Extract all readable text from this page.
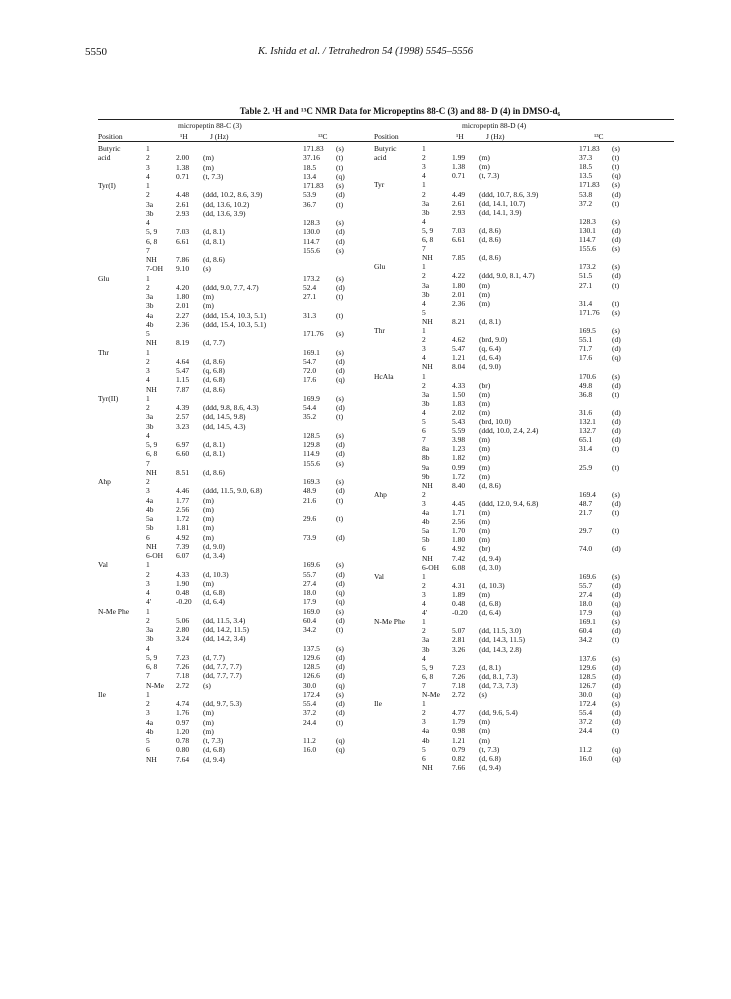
5550	K. Ishida et al. / Tetrahedron 54 (1998) 5545–5556
Table 2. ¹H and ¹³C NMR Data for Micropeptins 88-C (3) and 88- D (4) in DMSO-d₆
micropeptin 88-C (3)
Position	¹H	J (Hz)	¹³C
Butyric	1	171.83 (s)
acid	2	2.00 (m)	37.16 (t)
3	1.38 (m)	18.5	(t)
4	0.71 (t, 7.3)	13.4	(q)
Tyr(I)	1	171.83 (s)
2	4.48 (ddd, 10.2, 8.6, 3.9)	53.9	(d)
3a	2.61 (dd, 13.6, 10.2)	36.7	(t)
3b	2.93 (dd, 13.6, 3.9)
4	128.3 (s)
5, 9	7.03 (d, 8.1)	130.0 (d)
6, 8	6.61 (d, 8.1)	114.7 (d)
7	155.6 (s)
NH	7.86 (d, 8.6)
7-OH 9.10 (s)
Glu	1	173.2 (s)
2	4.20 (ddd, 9.0, 7.7, 4.7)	52.4	(d)
3a	1.80 (m)	27.1	(t)
3b	2.01 (m)
4a	2.27 (ddd, 15.4, 10.3, 5.1)	31.3	(t)
4b	2.36 (ddd, 15.4, 10.3, 5.1)
5	171.76 (s)
NH	8.19 (d, 7.7)
Thr	1	169.1 (s)
2	4.64 (d, 8.6)	54.7	(d)
3	5.47 (q, 6.8)	72.0	(d)
4	1.15 (d, 6.8)	17.6	(q)
NH	7.87 (d, 8.6)
Tyr(II)	1	169.9 (s)
2	4.39 (ddd, 9.8, 8.6, 4.3)	54.4	(d)
3a	2.57 (dd, 14.5, 9.8)	35.2	(t)
3b	3.23 (dd, 14.5, 4.3)
4	128.5 (s)
5, 9	6.97 (d, 8.1)	129.8 (d)
6, 8	6.60 (d, 8.1)	114.9 (d)
7	155.6 (s)
NH	8.51 (d, 8.6)
Ahp	2	169.3 (s)
3	4.46 (ddd, 11.5, 9.0, 6.8)	48.9	(d)
4a	1.77 (m)	21.6	(t)
4b	2.56 (m)
5a	1.72 (m)	29.6	(t)
5b	1.81 (m)
6	4.92 (m)	73.9	(d)
NH	7.39 (d, 9.0)
6-OH 6.07 (d, 3.4)
Val	1	169.6 (s)
2	4.33 (d, 10.3)	55.7	(d)
3	1.90 (m)	27.4	(d)
4	0.48 (d, 6.8)	18.0	(q)
4'	-0.20 (d, 6.4)	17.9	(q)
N-Me Phe 1	169.0 (s)
2	5.06 (dd, 11.5, 3.4)	60.4	(d)
3a	2.80 (dd, 14.2, 11.5)	34.2	(t)
3b	3.24 (dd, 14.2, 3.4)
4	137.5 (s)
5, 9	7.23 (d, 7.7)	129.6 (d)
6, 8	7.26 (dd, 7.7, 7.7)	128.5 (d)
7	7.18 (dd, 7.7, 7.7)	126.6 (d)
N-Me 2.72 (s)	30.0	(q)
Ile	1	172.4 (s)
2	4.74 (dd, 9.7, 5.3)	55.4	(d)
3	1.76 (m)	37.2	(d)
4a	0.97 (m)	24.4	(t)
4b	1.20 (m)
5	0.78 (t, 7.3)	11.2	(q)
6	0.80 (d, 6.8)	16.0	(q)
NH	7.64 (d, 9.4)
micropeptin 88-D (4)
Position	¹H	J (Hz)	¹³C
Butyric	1	171.83 (s)
acid	2	1.99 (m)	37.3	(t)
3	1.38 (m)	18.5	(t)
4	0.71 (t, 7.3)	13.5	(q)
Tyr	1	171.83 (s)
2	4.49 (ddd, 10.7, 8.6, 3.9)	53.8	(d)
3a	2.61 (dd, 14.1, 10.7)	37.2	(t)
3b	2.93 (dd, 14.1, 3.9)
4	128.3 (s)
5, 9	7.03 (d, 8.6)	130.1 (d)
6, 8	6.61 (d, 8.6)	114.7 (d)
7	155.6 (s)
NH	7.85 (d, 8.6)
Glu	1	173.2 (s)
2	4.22 (ddd, 9.0, 8.1, 4.7)	51.5	(d)
3a	1.80 (m)	27.1	(t)
3b	2.01 (m)
4	2.36 (m)	31.4	(t)
5	171.76 (s)
NH	8.21 (d, 8.1)
Thr	1	169.5 (s)
2	4.62 (brd, 9.0)	55.1	(d)
3	5.47 (q, 6.4)	71.7	(d)
4	1.21 (d, 6.4)	17.6	(q)
NH	8.04 (d, 9.0)
HcAla	1	170.6 (s)
2	4.33 (br)	49.8	(d)
3a	1.50 (m)	36.8	(t)
3b	1.83 (m)
4	2.02 (m)	31.6	(d)
5	5.43 (brd, 10.0)	132.1 (d)
6	5.59 (ddd, 10.0, 2.4, 2.4)	132.7 (d)
7	3.98 (m)	65.1	(d)
8a	1.23 (m)	31.4	(t)
8b	1.82 (m)
9a	0.99 (m)	25.9	(t)
9b	1.72 (m)
NH	8.40 (d, 8.6)
Ahp	2	169.4 (s)
3	4.45 (ddd, 12.0, 9.4, 6.8)	48.7	(d)
4a	1.71 (m)	21.7	(t)
4b	2.56 (m)
5a	1.70 (m)	29.7	(t)
5b	1.80 (m)
6	4.92 (br)	74.0	(d)
NH	7.42 (d, 9.4)
6-OH 6.08 (d, 3.0)
Val	1	169.6 (s)
2	4.31 (d, 10.3)	55.7	(d)
3	1.89 (m)	27.4	(d)
4	0.48 (d, 6.8)	18.0	(q)
4'	-0.20 (d, 6.4)	17.9	(q)
N-Me Phe 1	169.1 (s)
2	5.07 (dd, 11.5, 3.0)	60.4	(d)
3a	2.81 (dd, 14.3, 11.5)	34.2	(t)
3b	3.26 (dd, 14.3, 2.8)
4	137.6 (s)
5, 9	7.23 (d, 8.1)	129.6 (d)
6, 8	7.26 (dd, 8.1, 7.3)	128.5 (d)
7	7.18 (dd, 7.3, 7.3)	126.7 (d)
N-Me 2.72 (s)	30.0	(q)
Ile	1	172.4 (s)
2	4.77 (dd, 9.6, 5.4)	55.4	(d)
3	1.79 (m)	37.2	(d)
4a	0.98 (m)	24.4	(t)
4b	1.21 (m)
5	0.79 (t, 7.3)	11.2	(q)
6	0.82 (d, 6.8)	16.0	(q)
NH	7.66 (d, 9.4)
